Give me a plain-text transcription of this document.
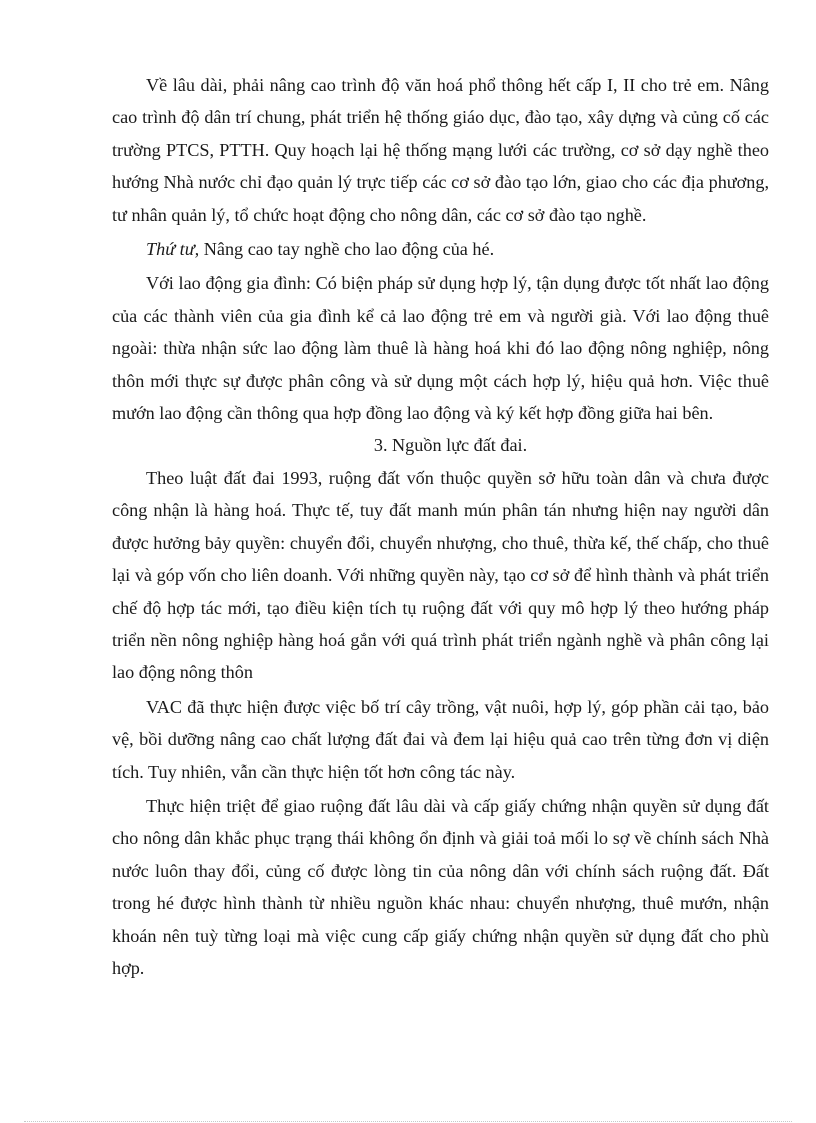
Về lâu dài, phải nâng cao trình độ văn hoá phổ thông hết cấp I, II cho trẻ em. Nâng cao trình độ dân trí chung, phát triển hệ thống giáo dục, đào tạo, xây dựng và củng cố các trường PTCS, PTTH. Quy hoạch lại hệ thống mạng lưới các trường, cơ sở dạy nghề theo hướng Nhà nước chỉ đạo quản lý trực tiếp các cơ sở đào tạo lớn, giao cho các địa phương, tư nhân quản lý, tổ chức hoạt động cho nông dân, các cơ sở đào tạo nghề.

Thứ tư, Nâng cao tay nghề cho lao động của hé.

Với lao động gia đình: Có biện pháp sử dụng hợp lý, tận dụng được tốt nhất lao động của các thành viên của gia đình kể cả lao động trẻ em và người già. Với lao động thuê ngoài: thừa nhận sức lao động làm thuê là hàng hoá khi đó lao động nông nghiệp, nông thôn mới thực sự được phân công và sử dụng một cách hợp lý, hiệu quả hơn. Việc thuê mướn lao động cần thông qua hợp đồng lao động và ký kết hợp đồng giữa hai bên.

3. Nguồn lực đất đai.

Theo luật đất đai 1993, ruộng đất vốn thuộc quyền sở hữu toàn dân và chưa được công nhận là hàng hoá. Thực tế, tuy đất manh mún phân tán nhưng hiện nay người dân được hưởng bảy quyền: chuyển đổi, chuyển nhượng, cho thuê, thừa kế, thế chấp, cho thuê lại và góp vốn cho liên doanh. Với những quyền này, tạo cơ sở để hình thành và phát triển chế độ hợp tác mới, tạo điều kiện tích tụ ruộng đất với quy mô hợp lý theo hướng pháp triển nền nông nghiệp hàng hoá gắn với quá trình phát triển ngành nghề và phân công lại lao động nông thôn

VAC đã thực hiện được việc bố trí cây trồng, vật nuôi, hợp lý, góp phần cải tạo, bảo vệ, bồi dưỡng nâng cao chất lượng đất đai và đem lại hiệu quả cao trên từng đơn vị diện tích. Tuy nhiên, vẫn cần thực hiện tốt hơn công tác này.

Thực hiện triệt để giao ruộng đất lâu dài và cấp giấy chứng nhận quyền sử dụng đất cho nông dân khắc phục trạng thái không ổn định và giải toả mối lo sợ về chính sách Nhà nước luôn thay đổi, củng cố được lòng tin của nông dân với chính sách ruộng đất. Đất trong hé được hình thành từ nhiều nguồn khác nhau: chuyển nhượng, thuê mướn, nhận khoán nên tuỳ từng loại mà việc cung cấp giấy chứng nhận quyền sử dụng đất cho phù hợp.
